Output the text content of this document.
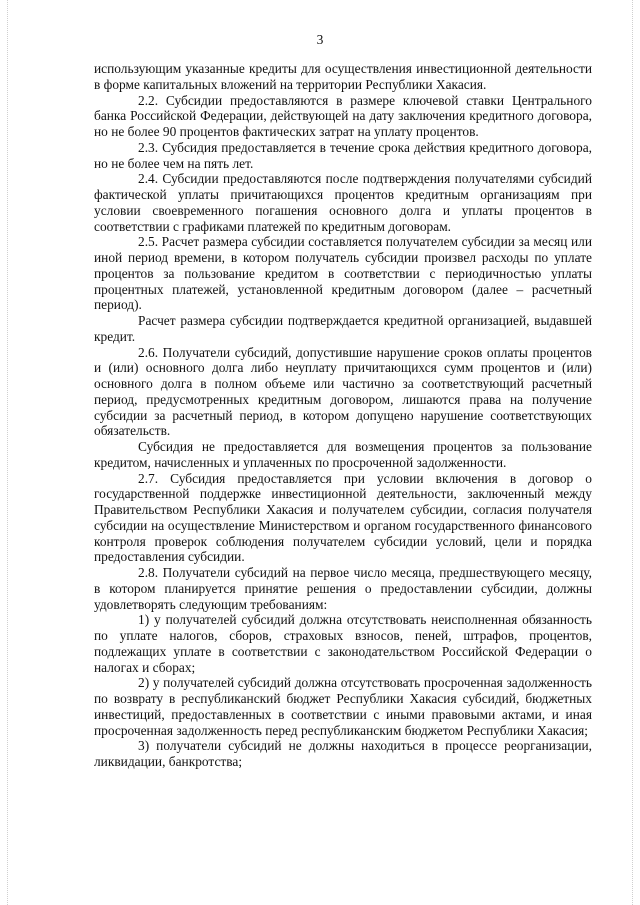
3

использующим указанные кредиты для осуществления инвестиционной деятельности в форме капитальных вложений на территории Республики Хакасия.

2.2. Субсидии предоставляются в размере ключевой ставки Центрального банка Российской Федерации, действующей на дату заключения кредитного договора, но не более 90 процентов фактических затрат на уплату процентов.

2.3. Субсидия предоставляется в течение срока действия кредитного договора, но не более чем на пять лет.

2.4. Субсидии предоставляются после подтверждения получателями субсидий фактической уплаты причитающихся процентов кредитным организациям при условии своевременного погашения основного долга и уплаты процентов в соответствии с графиками платежей по кредитным договорам.

2.5. Расчет размера субсидии составляется получателем субсидии за месяц или иной период времени, в котором получатель субсидии произвел расходы по уплате процентов за пользование кредитом в соответствии с периодичностью уплаты процентных платежей, установленной кредитным договором (далее – расчетный период).

Расчет размера субсидии подтверждается кредитной организацией, выдавшей кредит.

2.6. Получатели субсидий, допустившие нарушение сроков оплаты процентов и (или) основного долга либо неуплату причитающихся сумм процентов и (или) основного долга в полном объеме или частично за соответствующий расчетный период, предусмотренных кредитным договором, лишаются права на получение субсидии за расчетный период, в котором допущено нарушение соответствующих обязательств.

Субсидия не предоставляется для возмещения процентов за пользование кредитом, начисленных и уплаченных по просроченной задолженности.

2.7. Субсидия предоставляется при условии включения в договор о государственной поддержке инвестиционной деятельности, заключенный между Правительством Республики Хакасия и получателем субсидии, согласия получателя субсидии на осуществление Министерством и органом государственного финансового контроля проверок соблюдения получателем субсидии условий, цели и порядка предоставления субсидии.

2.8. Получатели субсидий на первое число месяца, предшествующего месяцу, в котором планируется принятие решения о предоставлении субсидии, должны удовлетворять следующим требованиям:

1) у получателей субсидий должна отсутствовать неисполненная обязанность по уплате налогов, сборов, страховых взносов, пеней, штрафов, процентов, подлежащих уплате в соответствии с законодательством Российской Федерации о налогах и сборах;

2) у получателей субсидий должна отсутствовать просроченная задолженность по возврату в республиканский бюджет Республики Хакасия субсидий, бюджетных инвестиций, предоставленных в соответствии с иными правовыми актами, и иная просроченная задолженность перед республиканским бюджетом Республики Хакасия;

3) получатели субсидий не должны находиться в процессе реорганизации, ликвидации, банкротства;
